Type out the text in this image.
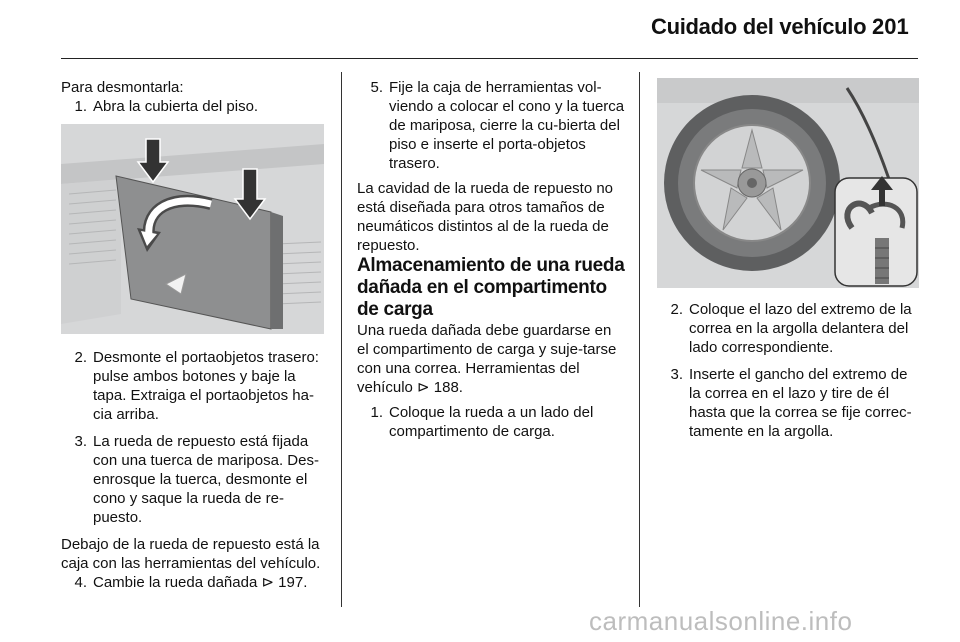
Cuidado del vehículo 201

Para desmontarla:

1. Abra la cubierta del piso.
2. Desmonte el portaobjetos trasero: pulse ambos botones y baje la tapa. Extraiga el portaobjetos ha-cia arriba.
3. La rueda de repuesto está fijada con una tuerca de mariposa. Des-enrosque la tuerca, desmonte el cono y saque la rueda de re-puesto.

Debajo de la rueda de repuesto está la caja con las herramientas del vehículo.

4. Cambie la rueda dañada ⊳ 197.
5. Fije la caja de herramientas vol-viendo a colocar el cono y la tuerca de mariposa, cierre la cu-bierta del piso e inserte el porta-objetos trasero.

La cavidad de la rueda de repuesto no está diseñada para otros tamaños de neumáticos distintos al de la rueda de repuesto.

Almacenamiento de una rueda dañada en el compartimento de carga

Una rueda dañada debe guardarse en el compartimento de carga y suje-tarse con una correa. Herramientas del vehículo ⊳ 188.

1. Coloque la rueda a un lado del compartimento de carga.
2. Coloque el lazo del extremo de la correa en la argolla delantera del lado correspondiente.
3. Inserte el gancho del extremo de la correa en el lazo y tire de él hasta que la correa se fije correc-tamente en la argolla.
carmanualsonline.info
